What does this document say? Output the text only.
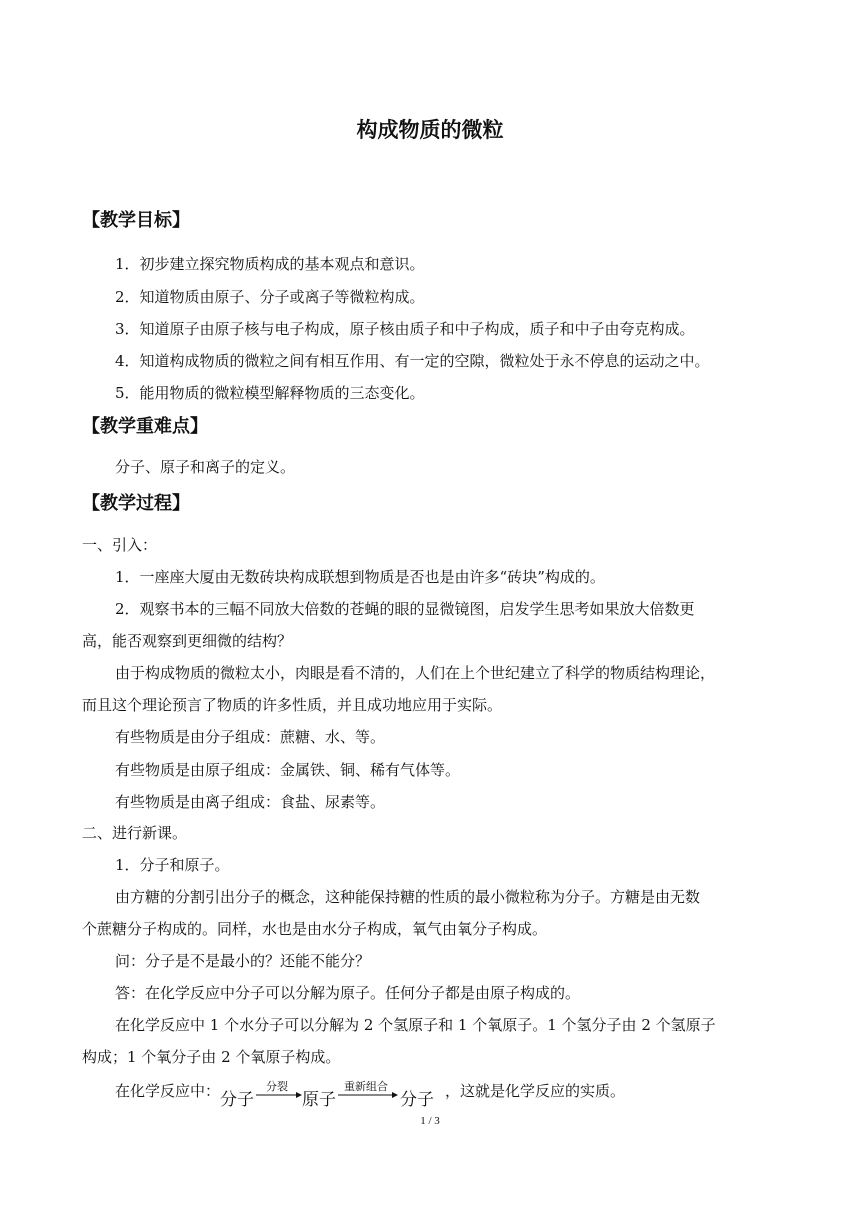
构成物质的微粒
【教学目标】
1．初步建立探究物质构成的基本观点和意识。
2．知道物质由原子、分子或离子等微粒构成。
3．知道原子由原子核与电子构成，原子核由质子和中子构成，质子和中子由夸克构成。
4．知道构成物质的微粒之间有相互作用、有一定的空隙，微粒处于永不停息的运动之中。
5．能用物质的微粒模型解释物质的三态变化。
【教学重难点】
分子、原子和离子的定义。
【教学过程】
一、引入：
1．一座座大厦由无数砖块构成联想到物质是否也是由许多“砖块”构成的。
2．观察书本的三幅不同放大倍数的苍蝇的眼的显微镜图，启发学生思考如果放大倍数更
高，能否观察到更细微的结构？
由于构成物质的微粒太小，肉眼是看不清的，人们在上个世纪建立了科学的物质结构理论，
而且这个理论预言了物质的许多性质，并且成功地应用于实际。
有些物质是由分子组成：蔗糖、水、等。
有些物质是由原子组成：金属铁、铜、稀有气体等。
有些物质是由离子组成：食盐、尿素等。
二、进行新课。
1．分子和原子。
由方糖的分割引出分子的概念，这种能保持糖的性质的最小微粒称为分子。方糖是由无数
个蔗糖分子构成的。同样，水也是由水分子构成，氧气由氧分子构成。
问：分子是不是最小的？还能不能分？
答：在化学反应中分子可以分解为原子。任何分子都是由原子构成的。
在化学反应中 1 个水分子可以分解为 2 个氢原子和 1 个氧原子。1 个氢分子由 2 个氢原子
构成；1 个氧分子由 2 个氧原子构成。
在化学反应中： 分子
分裂
原子
重新组合
分子 ，这就是化学反应的实质。
1 / 3
